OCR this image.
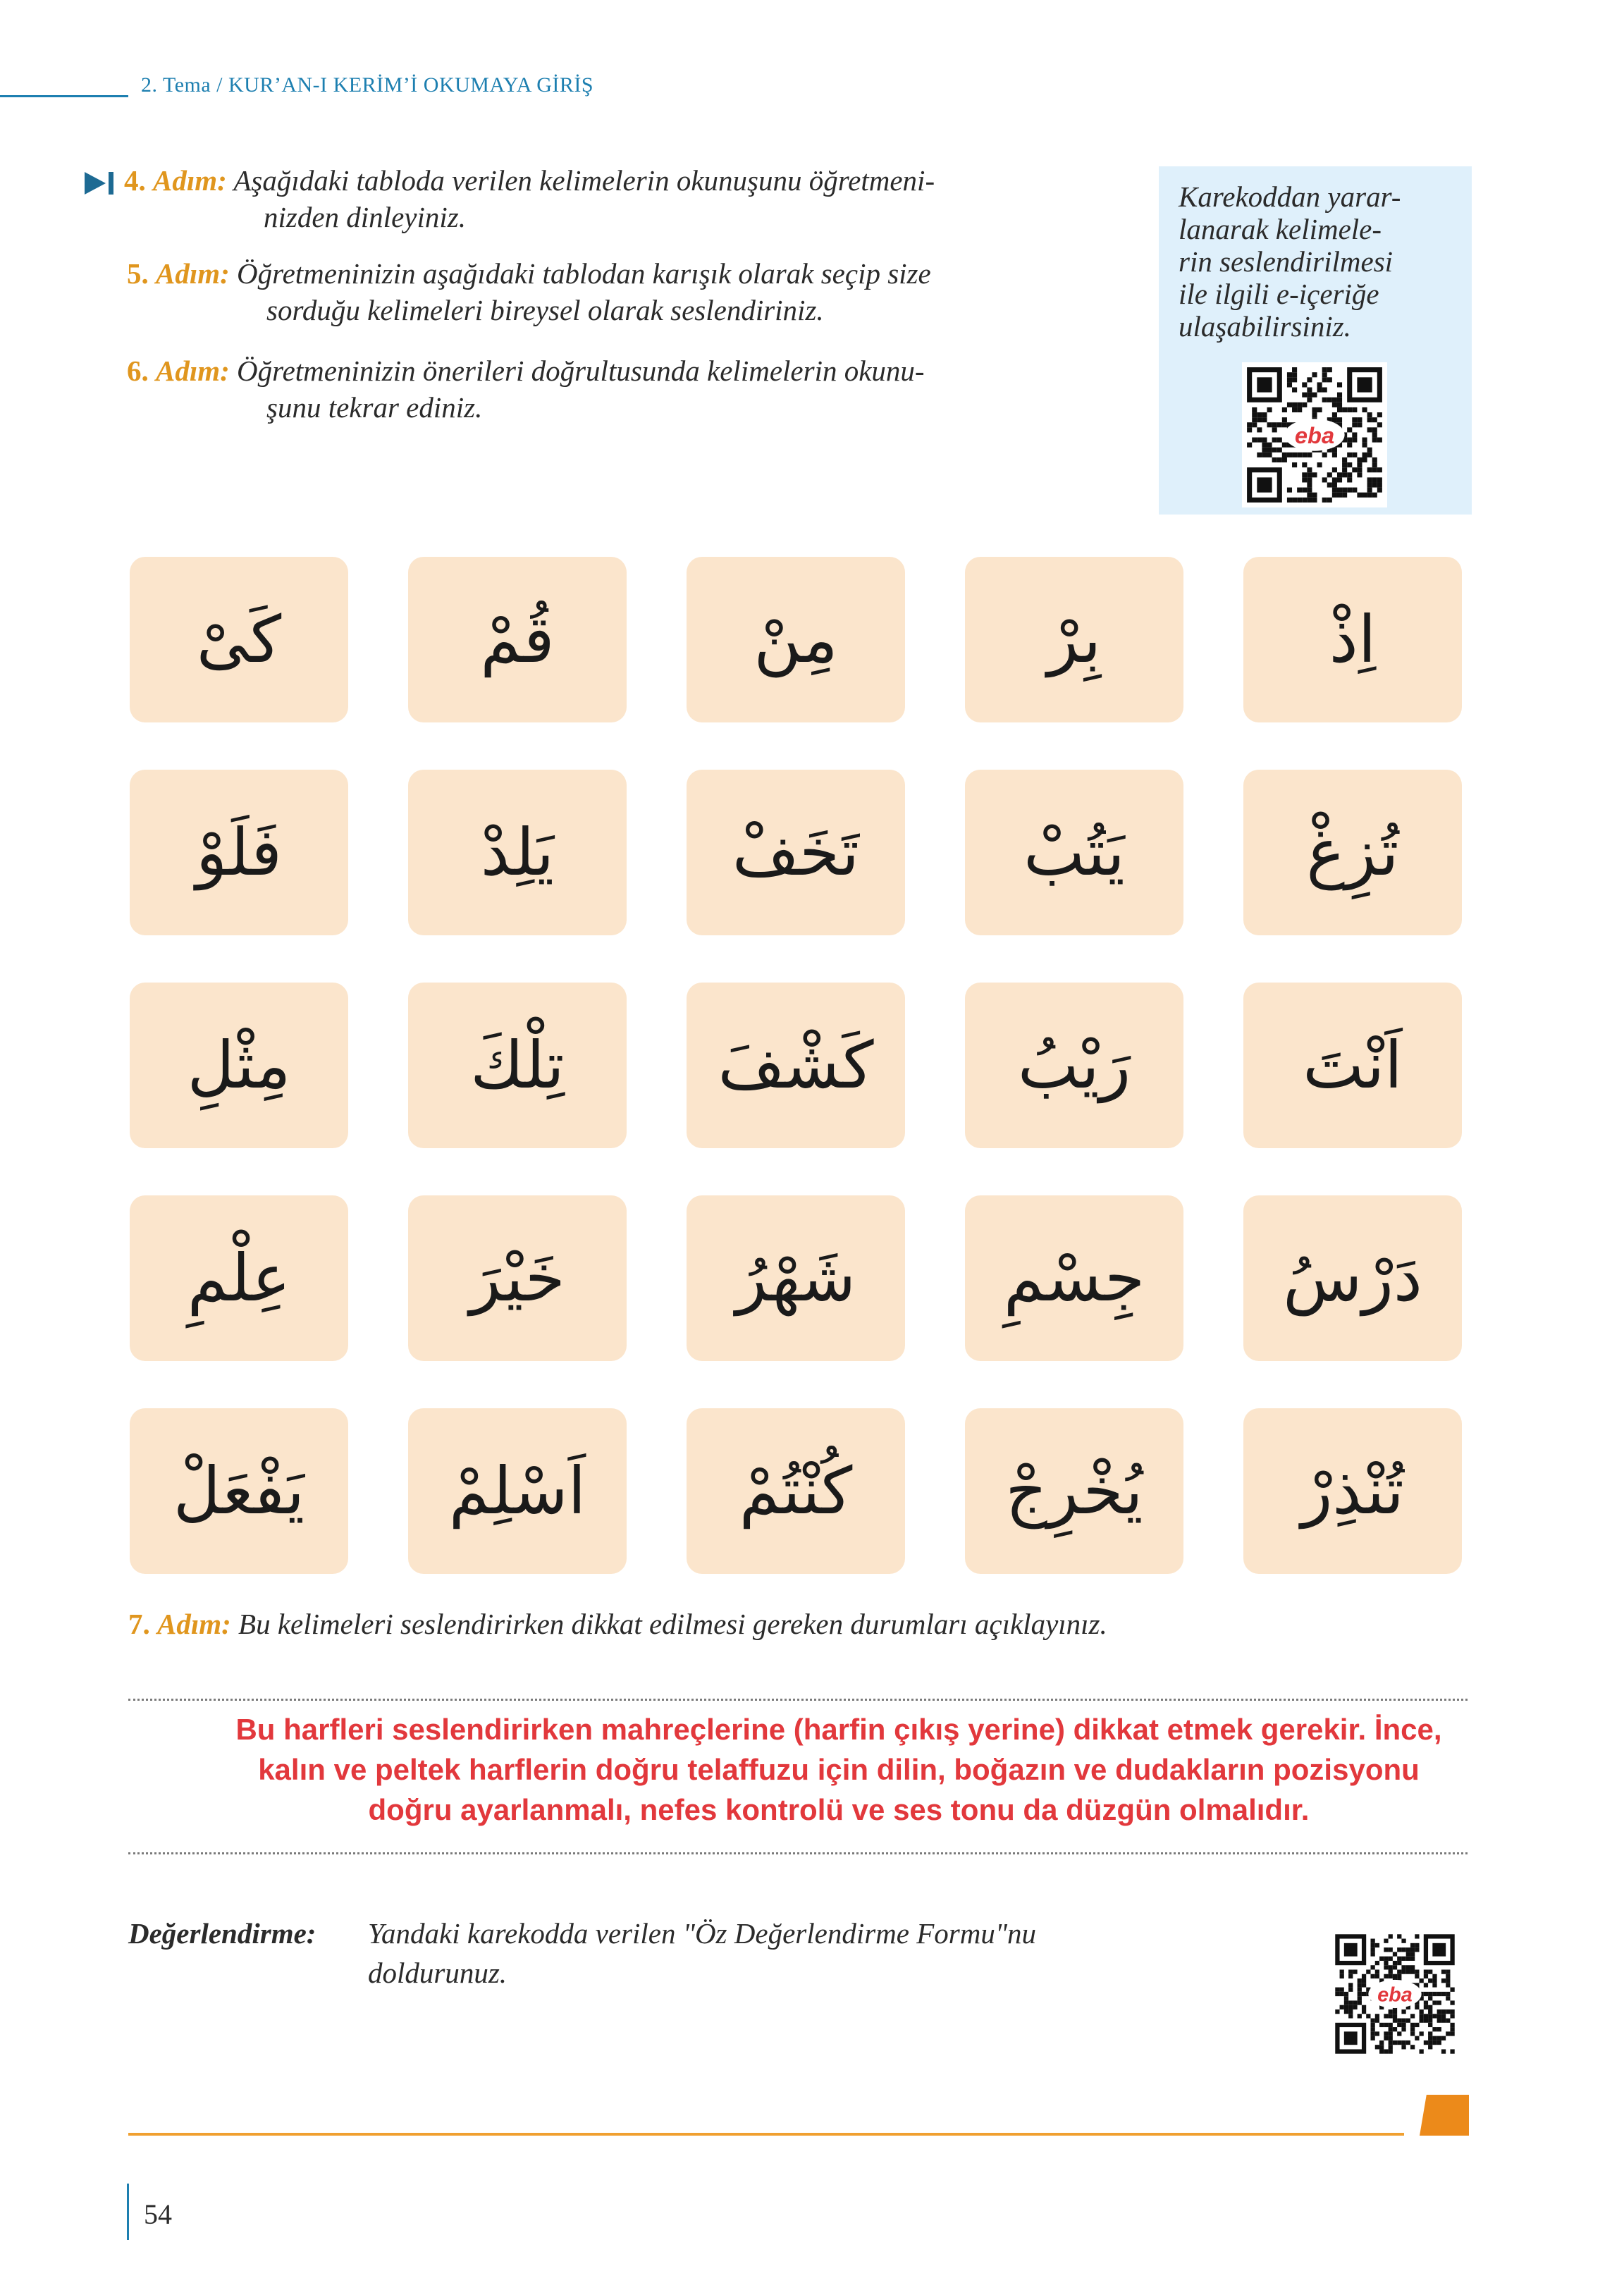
2. Tema / KUR’AN-I KERİM’İ OKUMAYA GİRİŞ
4. Adım: Aşağıdaki tabloda verilen kelimelerin okunuşunu öğretmeni-
nizden dinleyiniz.
5. Adım: Öğretmeninizin aşağıdaki tablodan karışık olarak seçip size
sorduğu kelimeleri bireysel olarak seslendiriniz.
6. Adım: Öğretmeninizin önerileri doğrultusunda kelimelerin okunu-
şunu tekrar ediniz.
Karekoddan yarar-
lanarak kelimele-
rin seslendirilmesi
ile ilgili e-içeriğe
ulaşabilirsiniz.
eba
كَىْ	قُمْ	مِنْ	بِرْ	اِذْ
فَلَوْ	يَلِدْ	تَخَفْ	يَتُبْ	تُزِغْ
مِثْلِ	تِلْكَ كَشْفَ رَيْبُ	اَنْتَ
عِلْمِ	خَيْرَ	شَهْرُ جِسْمِ دَرْسُ
يَفْعَلْ اَسْلِمْ كُنْتُمْ يُخْرِجْ تُنْذِرْ
7. Adım: Bu kelimeleri seslendirirken dikkat edilmesi gereken durumları açıklayınız.
Bu harfleri seslendirirken mahreçlerine (harfin çıkış yerine) dikkat etmek gerekir. İnce,
kalın ve peltek harflerin doğru telaffuzu için dilin, boğazın ve dudakların pozisyonu
doğru ayarlanmalı, nefes kontrolü ve ses tonu da düzgün olmalıdır.
Değerlendirme: Yandaki karekodda verilen "Öz Değerlendirme Formu"nu
doldurunuz.
eba
54
